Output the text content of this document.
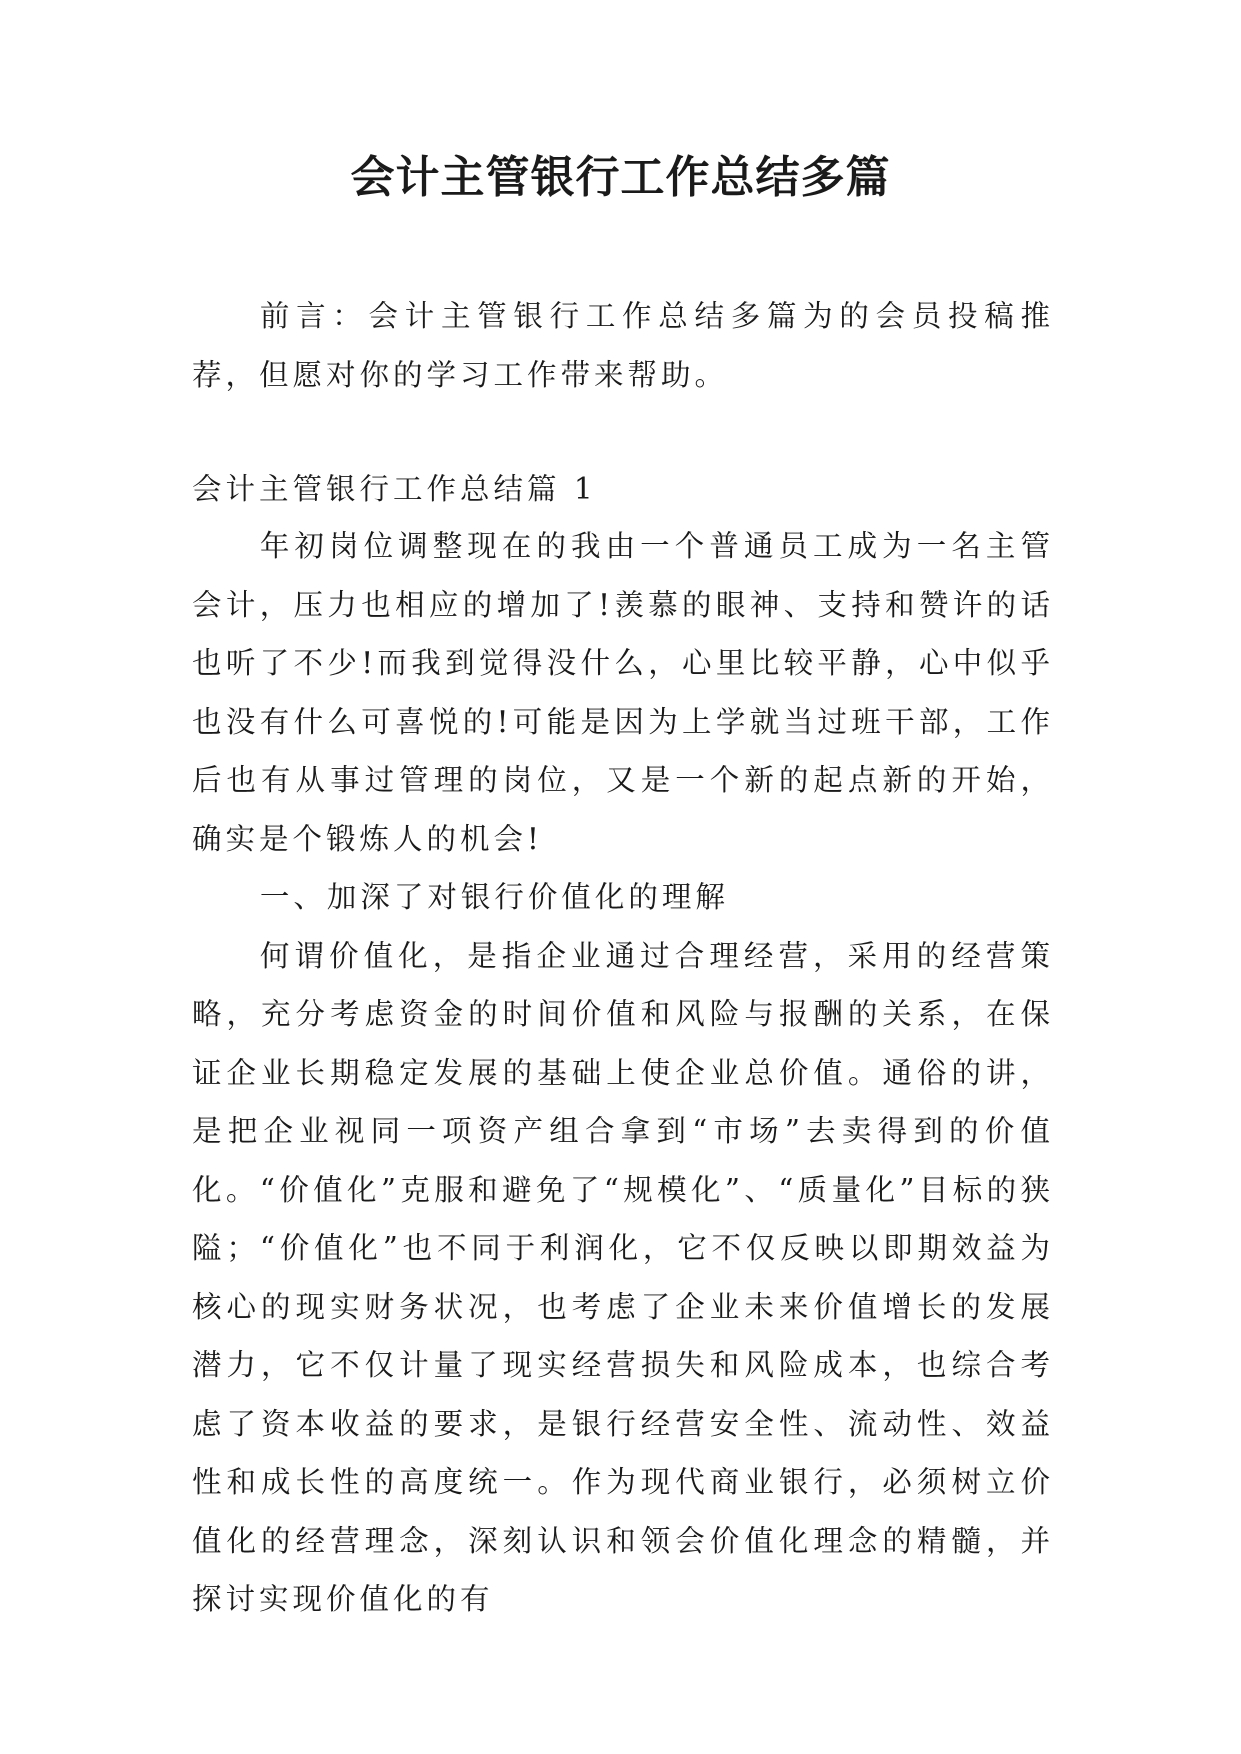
会计主管银行工作总结多篇

前言：会计主管银行工作总结多篇为的会员投稿推荐，但愿对你的学习工作带来帮助。

会计主管银行工作总结篇 1

年初岗位调整现在的我由一个普通员工成为一名主管会计，压力也相应的增加了!羡慕的眼神、支持和赞许的话也听了不少!而我到觉得没什么，心里比较平静，心中似乎也没有什么可喜悦的!可能是因为上学就当过班干部，工作后也有从事过管理的岗位，又是一个新的起点新的开始，确实是个锻炼人的机会!

一、加深了对银行价值化的理解

何谓价值化，是指企业通过合理经营，采用的经营策略，充分考虑资金的时间价值和风险与报酬的关系，在保证企业长期稳定发展的基础上使企业总价值。通俗的讲，是把企业视同一项资产组合拿到“市场”去卖得到的价值化。“价值化”克服和避免了“规模化”、“质量化”目标的狭隘；“价值化”也不同于利润化，它不仅反映以即期效益为核心的现实财务状况，也考虑了企业未来价值增长的发展潜力，它不仅计量了现实经营损失和风险成本，也综合考虑了资本收益的要求，是银行经营安全性、流动性、效益性和成长性的高度统一。作为现代商业银行，必须树立价值化的经营理念，深刻认识和领会价值化理念的精髓，并探讨实现价值化的有
